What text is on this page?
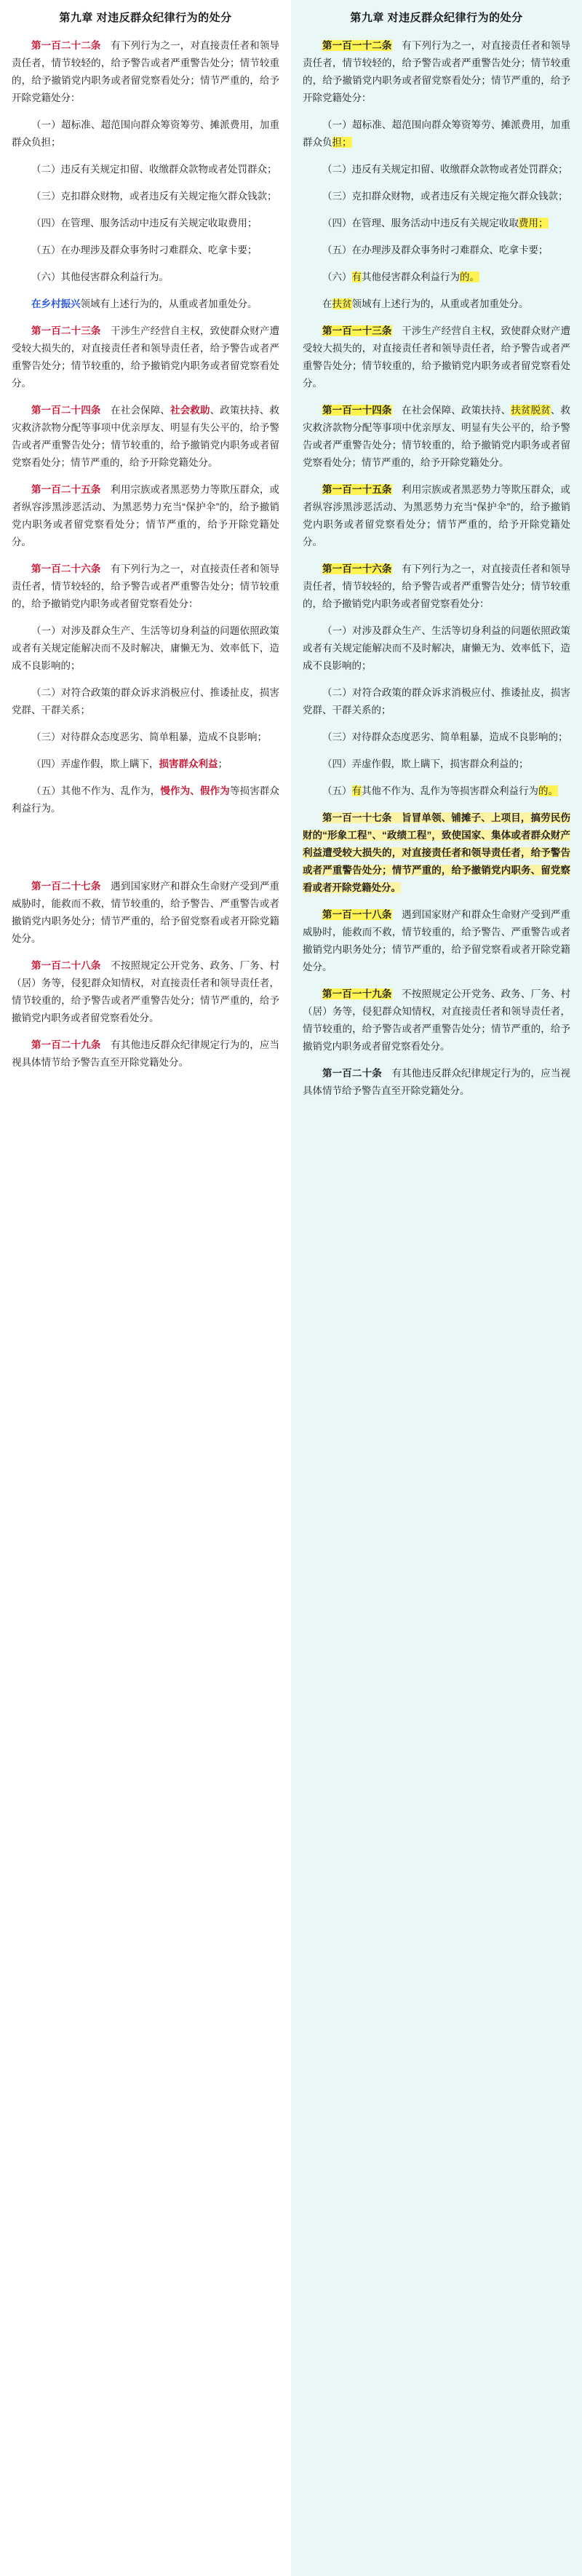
第九章 对违反群众纪律行为的处分

第一百二十二条　有下列行为之一，对直接责任者和领导责任者，情节较轻的，给予警告或者严重警告处分；情节较重的，给予撤销党内职务或者留党察看处分；情节严重的，给予开除党籍处分：

（一）超标准、超范围向群众筹资筹劳、摊派费用，加重群众负担；

（二）违反有关规定扣留、收缴群众款物或者处罚群众；

（三）克扣群众财物，或者违反有关规定拖欠群众钱款；

（四）在管理、服务活动中违反有关规定收取费用；

（五）在办理涉及群众事务时刁难群众、吃拿卡要；

（六）其他侵害群众利益行为。

在乡村振兴领域有上述行为的，从重或者加重处分。

第一百二十三条　干涉生产经营自主权，致使群众财产遭受较大损失的，对直接责任者和领导责任者，给予警告或者严重警告处分；情节较重的，给予撤销党内职务或者留党察看处分。

第一百二十四条　在社会保障、社会救助、政策扶持、救灾救济款物分配等事项中优亲厚友、明显有失公平的，给予警告或者严重警告处分；情节较重的，给予撤销党内职务或者留党察看处分；情节严重的，给予开除党籍处分。

第一百二十五条　利用宗族或者黑恶势力等欺压群众，或者纵容涉黑涉恶活动、为黑恶势力充当“保护伞”的，给予撤销党内职务或者留党察看处分；情节严重的，给予开除党籍处分。

第一百二十六条　有下列行为之一，对直接责任者和领导责任者，情节较轻的，给予警告或者严重警告处分；情节较重的，给予撤销党内职务或者留党察看处分：

（一）对涉及群众生产、生活等切身利益的问题依照政策或者有关规定能解决而不及时解决，庸懒无为、效率低下，造成不良影响的；

（二）对符合政策的群众诉求消极应付、推诿扯皮，损害党群、干群关系；

（三）对待群众态度恶劣、简单粗暴，造成不良影响；

（四）弄虚作假，欺上瞒下，损害群众利益；

（五）其他不作为、乱作为，慢作为、假作为等损害群众利益行为。

第一百二十七条　遇到国家财产和群众生命财产受到严重威胁时，能救而不救，情节较重的，给予警告、严重警告或者撤销党内职务处分；情节严重的，给予留党察看或者开除党籍处分。

第一百二十八条　不按照规定公开党务、政务、厂务、村（居）务等，侵犯群众知情权，对直接责任者和领导责任者，情节较重的，给予警告或者严重警告处分；情节严重的，给予撤销党内职务或者留党察看处分。

第一百二十九条　有其他违反群众纪律规定行为的，应当视具体情节给予警告直至开除党籍处分。

第九章 对违反群众纪律行为的处分

第一百一十二条　有下列行为之一，对直接责任者和领导责任者，情节较轻的，给予警告或者严重警告处分；情节较重的，给予撤销党内职务或者留党察看处分；情节严重的，给予开除党籍处分：

（一）超标准、超范围向群众筹资筹劳、摊派费用，加重群众负担；

（二）违反有关规定扣留、收缴群众款物或者处罚群众；

（三）克扣群众财物，或者违反有关规定拖欠群众钱款；

（四）在管理、服务活动中违反有关规定收取费用；

（五）在办理涉及群众事务时刁难群众、吃拿卡要；

（六）有其他侵害群众利益行为的。

在扶贫领域有上述行为的，从重或者加重处分。

第一百一十三条　干涉生产经营自主权，致使群众财产遭受较大损失的，对直接责任者和领导责任者，给予警告或者严重警告处分；情节较重的，给予撤销党内职务或者留党察看处分。

第一百一十四条　在社会保障、政策扶持、扶贫脱贫、救灾救济款物分配等事项中优亲厚友、明显有失公平的，给予警告或者严重警告处分；情节较重的，给予撤销党内职务或者留党察看处分；情节严重的，给予开除党籍处分。

第一百一十五条　利用宗族或者黑恶势力等欺压群众，或者纵容涉黑涉恶活动、为黑恶势力充当“保护伞”的，给予撤销党内职务或者留党察看处分；情节严重的，给予开除党籍处分。

第一百一十六条　有下列行为之一，对直接责任者和领导责任者，情节较轻的，给予警告或者严重警告处分；情节较重的，给予撤销党内职务或者留党察看处分：

（一）对涉及群众生产、生活等切身利益的问题依照政策或者有关规定能解决而不及时解决，庸懒无为、效率低下，造成不良影响的；

（二）对符合政策的群众诉求消极应付、推诿扯皮，损害党群、干群关系的；

（三）对待群众态度恶劣、简单粗暴，造成不良影响的；

（四）弄虚作假，欺上瞒下，损害群众利益的；

（五）有其他不作为、乱作为等损害群众利益行为的。

第一百一十七条　旨冒单领、铺摊子、上项目，搞劳民伤财的“形象工程”、“政绩工程”，致使国家、集体或者群众财产利益遭受较大损失的，对直接责任者和领导责任者，给予警告或者严重警告处分；情节严重的，给予撤销党内职务、留党察看或者开除党籍处分。

第一百一十八条　遇到国家财产和群众生命财产受到严重威胁时，能救而不救，情节较重的，给予警告、严重警告或者撤销党内职务处分；情节严重的，给予留党察看或者开除党籍处分。

第一百一十九条　不按照规定公开党务、政务、厂务、村（居）务等，侵犯群众知情权，对直接责任者和领导责任者，情节较重的，给予警告或者严重警告处分；情节严重的，给予撤销党内职务或者留党察看处分。

第一百二十条　有其他违反群众纪律规定行为的，应当视具体情节给予警告直至开除党籍处分。
